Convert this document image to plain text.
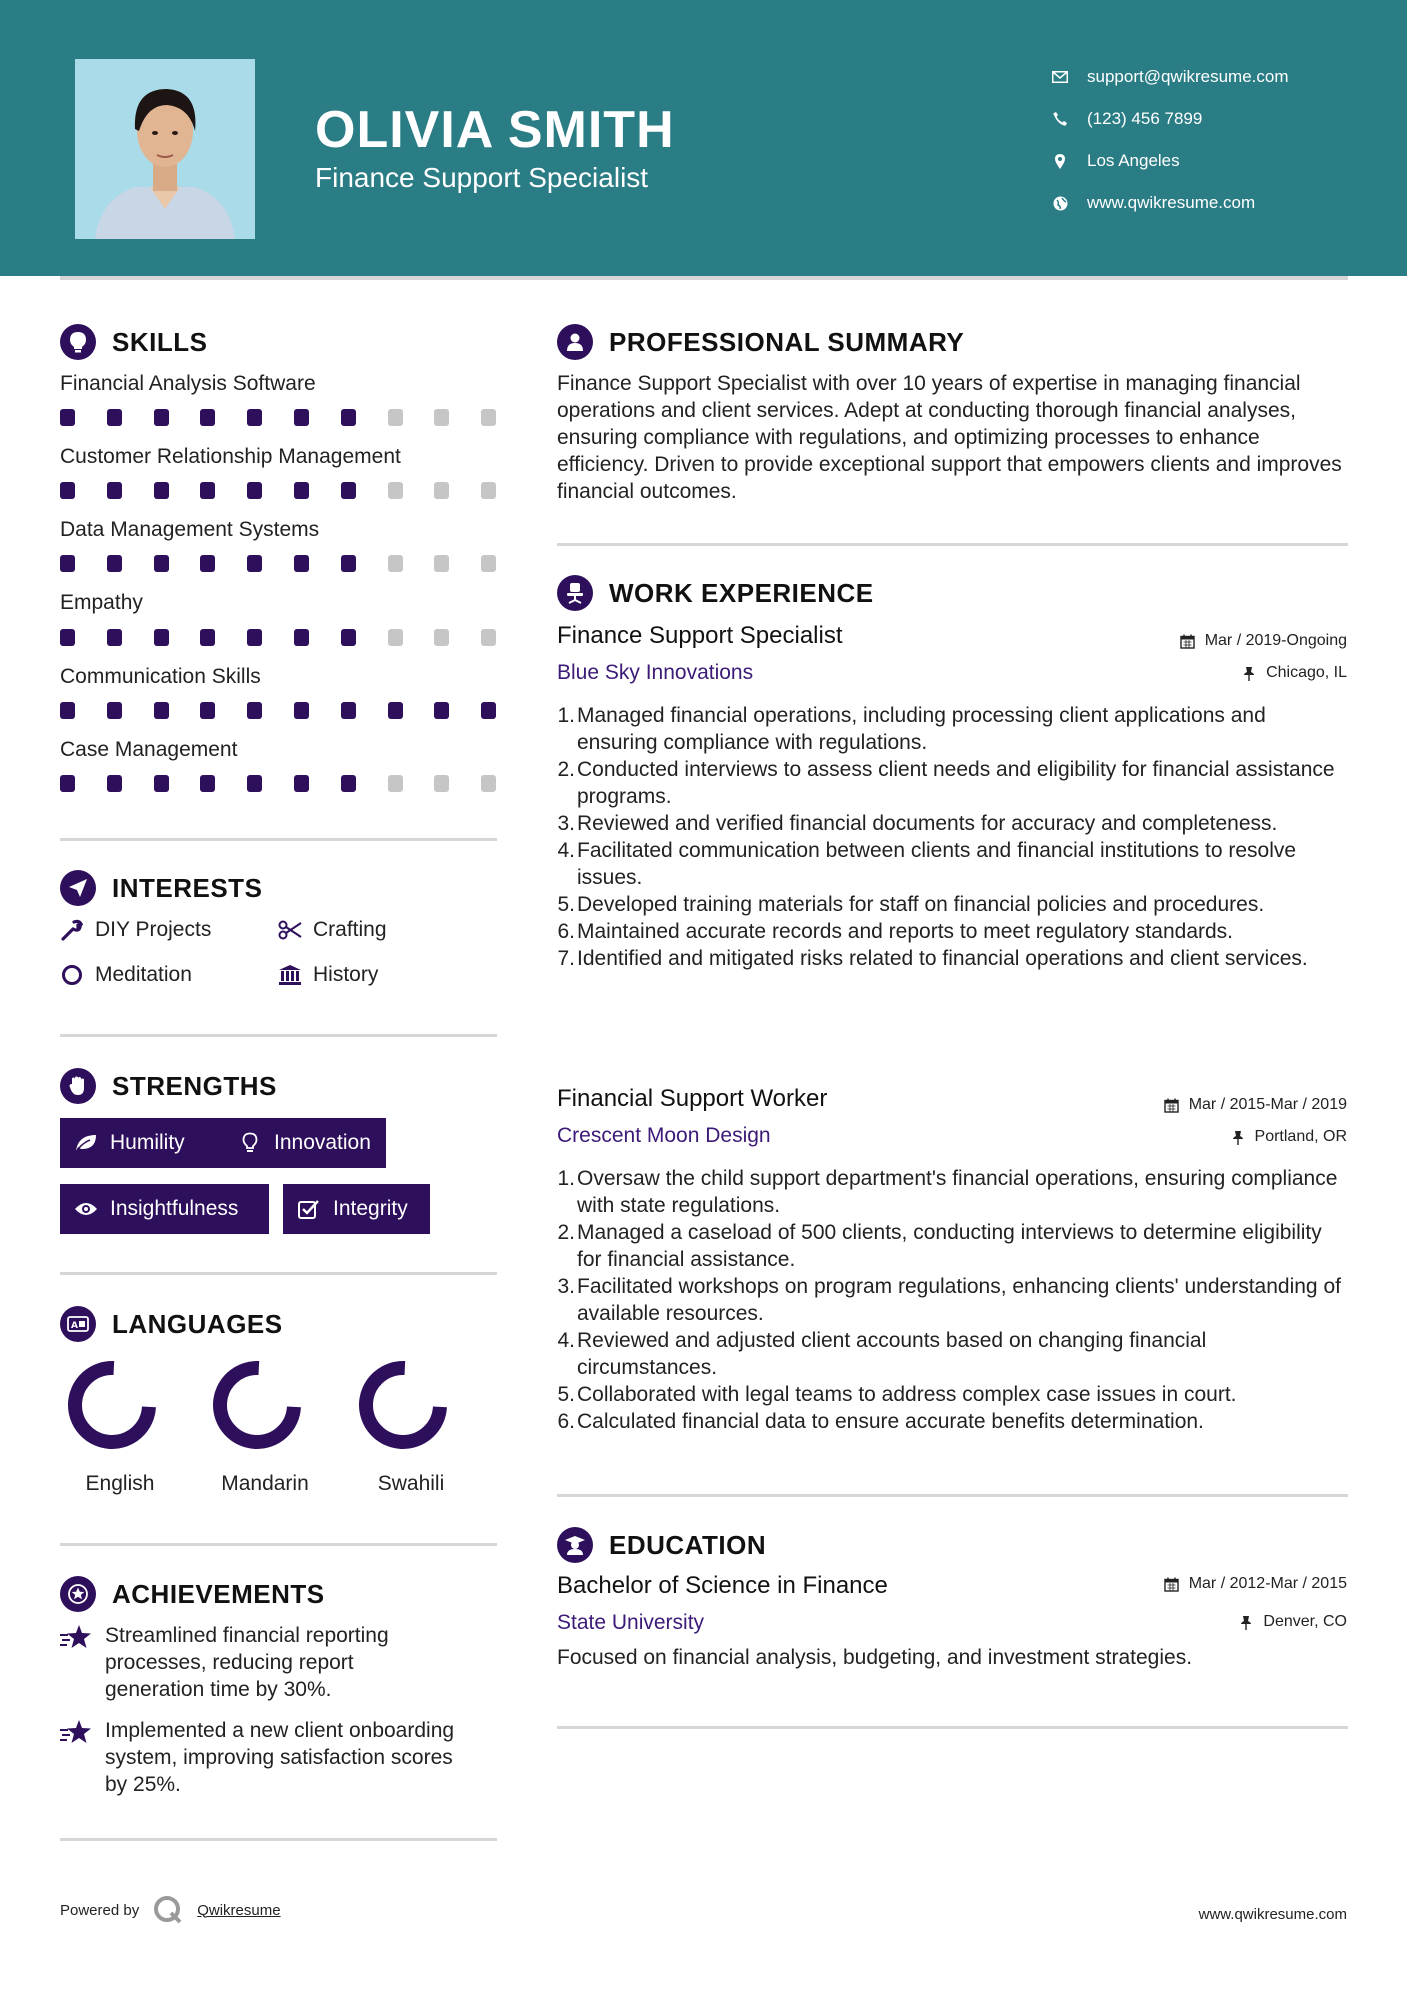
OLIVIA SMITH
Finance Support Specialist
support@qwikresume.com
(123) 456 7899
Los Angeles
www.qwikresume.com
SKILLS
Financial Analysis Software
Customer Relationship Management
Data Management Systems
Empathy
Communication Skills
Case Management
INTERESTS
DIY Projects	Crafting
Meditation	History
STRENGTHS
Humility	Innovation
Insightfulness	Integrity
A LANGUAGES
English	Mandarin	Swahili
ACHIEVEMENTS
Streamlined financial reporting processes, reducing report generation time by 30%.
Implemented a new client onboarding system, improving satisfaction scores by 25%.
PROFESSIONAL SUMMARY
Finance Support Specialist with over 10 years of expertise in managing financial operations and client services. Adept at conducting thorough financial analyses, ensuring compliance with regulations, and optimizing processes to enhance efficiency. Driven to provide exceptional support that empowers clients and improves financial outcomes.
WORK EXPERIENCE
Finance Support Specialist	Mar / 2019-Ongoing
Blue Sky Innovations	Chicago, IL
1. Managed financial operations, including processing client applications and ensuring compliance with regulations.
2. Conducted interviews to assess client needs and eligibility for financial assistance programs.
3. Reviewed and verified financial documents for accuracy and completeness.
4. Facilitated communication between clients and financial institutions to resolve issues.
5. Developed training materials for staff on financial policies and procedures.
6. Maintained accurate records and reports to meet regulatory standards.
7. Identified and mitigated risks related to financial operations and client services.
Financial Support Worker	Mar / 2015-Mar / 2019
Crescent Moon Design	Portland, OR
1. Oversaw the child support department's financial operations, ensuring compliance with state regulations.
2. Managed a caseload of 500 clients, conducting interviews to determine eligibility for financial assistance.
3. Facilitated workshops on program regulations, enhancing clients' understanding of available resources.
4. Reviewed and adjusted client accounts based on changing financial circumstances.
5. Collaborated with legal teams to address complex case issues in court.
6. Calculated financial data to ensure accurate benefits determination.
EDUCATION
Bachelor of Science in Finance	Mar / 2012-Mar / 2015
State University	Denver, CO
Focused on financial analysis, budgeting, and investment strategies.
Powered by	Qwikresume	www.qwikresume.com
